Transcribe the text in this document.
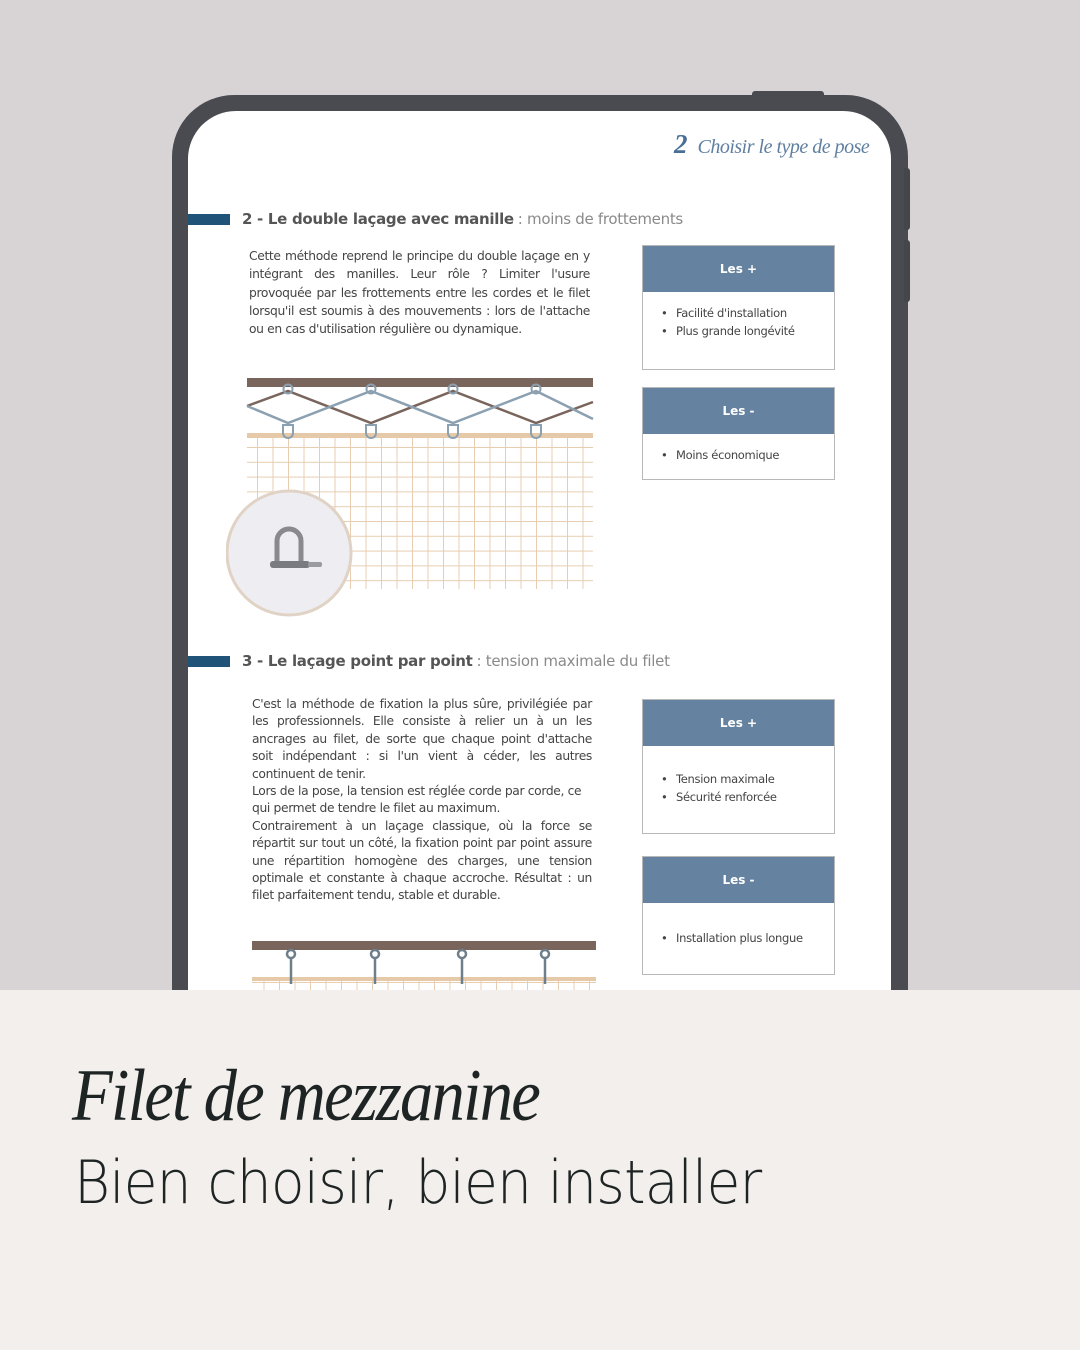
2 Choisir le type de pose
2 - Le double laçage avec manille : moins de frottements

Cette méthode reprend le principe du double laçage en y intégrant des manilles. Leur rôle ? Limiter l'usure provoquée par les frottements entre les cordes et le filet lorsqu'il est soumis à des mouvements : lors de l'attache ou en cas d'utilisation régulière ou dynamique.

Les +
• Facilité d'installation
• Plus grande longévité
Les -
• Moins économique
3 - Le laçage point par point : tension maximale du filet

C'est la méthode de fixation la plus sûre, privilégiée par les professionnels. Elle consiste à relier un à un les ancrages au filet, de sorte que chaque point d'attache soit indépendant : si l'un vient à céder, les autres continuent de tenir.

Lors de la pose, la tension est réglée corde par corde, ce qui permet de tendre le filet au maximum.

Contrairement à un laçage classique, où la force se répartit sur tout un côté, la fixation point par point assure une répartition homogène des charges, une tension optimale et constante à chaque accroche. Résultat : un filet parfaitement tendu, stable et durable.

Les +
• Tension maximale
• Sécurité renforcée
Les -
• Installation plus longue
Filet de mezzanine
Bien choisir, bien installer
